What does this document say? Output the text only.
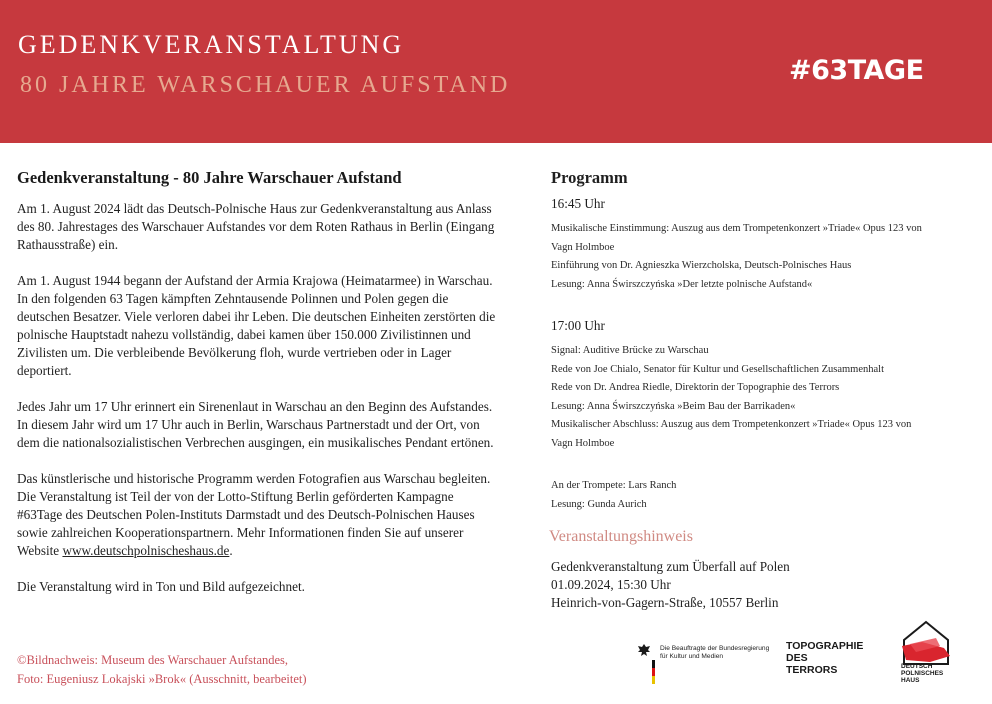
GEDENKVERANSTALTUNG
80 JAHRE WARSCHAUER AUFSTAND	#63TAGE
Gedenkveranstaltung - 80 Jahre Warschauer Aufstand

Am 1. August 2024 lädt das Deutsch-Polnische Haus zur Gedenkveranstaltung aus Anlass des 80. Jahrestages des Warschauer Aufstandes vor dem Roten Rathaus in Berlin (Eingang Rathausstraße) ein.

Am 1. August 1944 begann der Aufstand der Armia Krajowa (Heimatarmee) in Warschau. In den folgenden 63 Tagen kämpften Zehntausende Polinnen und Polen gegen die deutschen Besatzer. Viele verloren dabei ihr Leben. Die deutschen Einheiten zerstörten die polnische Hauptstadt nahezu vollständig, dabei kamen über 150.000 Zivilistinnen und Zivilisten um. Die verbleibende Bevölkerung floh, wurde vertrieben oder in Lager deportiert.

Jedes Jahr um 17 Uhr erinnert ein Sirenenlaut in Warschau an den Beginn des Aufstandes. In diesem Jahr wird um 17 Uhr auch in Berlin, Warschaus Partnerstadt und der Ort, von dem die nationalsozialistischen Verbrechen ausgingen, ein musikalisches Pendant ertönen.

Das künstlerische und historische Programm werden Fotografien aus Warschau begleiten. Die Veranstaltung ist Teil der von der Lotto-Stiftung Berlin geförderten Kampagne #63Tage des Deutschen Polen-Instituts Darmstadt und des Deutsch-Polnischen Hauses sowie zahlreichen Kooperationspartnern. Mehr Informationen finden Sie auf unserer Website www.deutschpolnischeshaus.de.

Die Veranstaltung wird in Ton und Bild aufgezeichnet.

©Bildnachweis: Museum des Warschauer Aufstandes,
Foto: Eugeniusz Lokajski »Brok« (Ausschnitt, bearbeitet)
Programm
16:45 Uhr
Musikalische Einstimmung: Auszug aus dem Trompetenkonzert »Triade« Opus 123 von
Vagn Holmboe
Einführung von Dr. Agnieszka Wierzcholska, Deutsch-Polnisches Haus
Lesung: Anna Świrszczyńska »Der letzte polnische Aufstand«
17:00 Uhr
Signal: Auditive Brücke zu Warschau
Rede von Joe Chialo, Senator für Kultur und Gesellschaftlichen Zusammenhalt
Rede von Dr. Andrea Riedle, Direktorin der Topographie des Terrors
Lesung: Anna Świrszczyńska »Beim Bau der Barrikaden«
Musikalischer Abschluss: Auszug aus dem Trompetenkonzert »Triade« Opus 123 von
Vagn Holmboe
An der Trompete: Lars Ranch
Lesung: Gunda Aurich
Veranstaltungshinweis
Gedenkveranstaltung zum Überfall auf Polen
01.09.2024, 15:30 Uhr
Heinrich-von-Gagern-Straße, 10557 Berlin
Die Beauftragte der Bundesregierung
für Kultur und Medien
TOPOGRAPHIE
DES
TERRORS	DEUTSCH
POLNISCHES
HAUS
